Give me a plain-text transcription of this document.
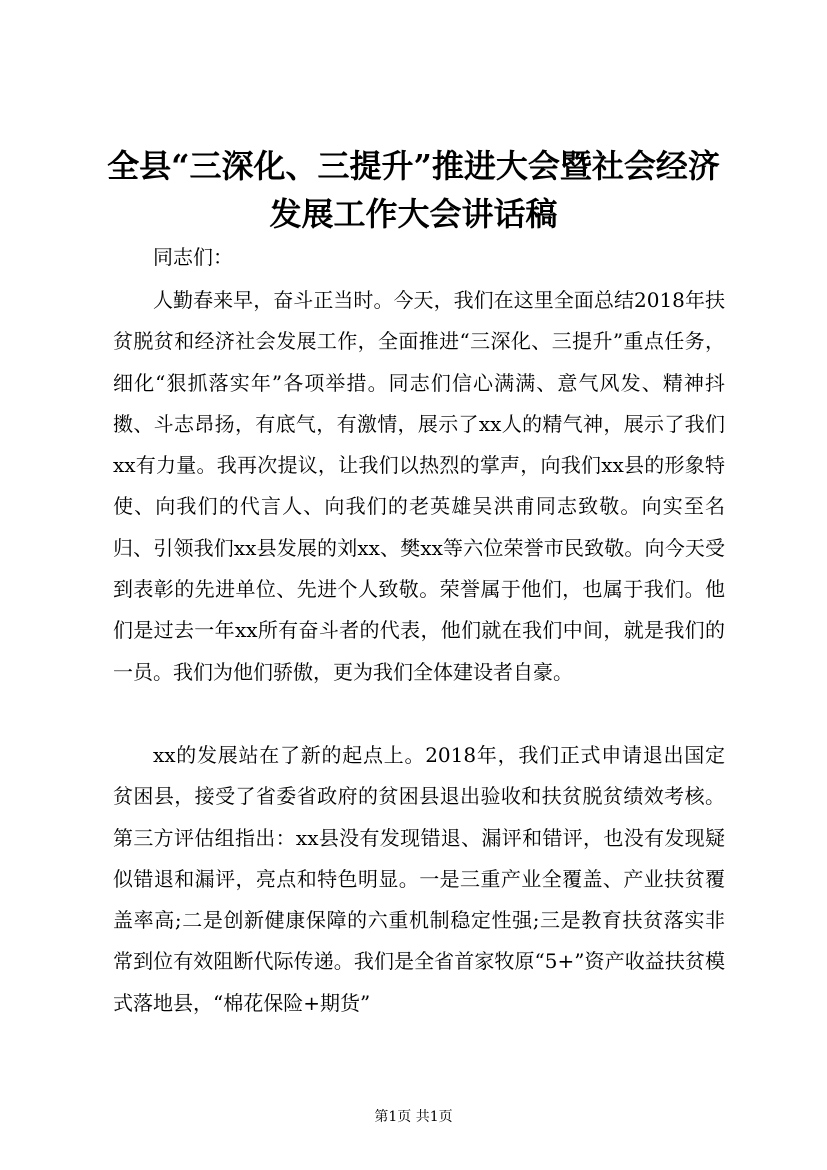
全县“三深化、三提升”推进大会暨社会经济
发展工作大会讲话稿
同志们：

人勤春来早，奋斗正当时。今天，我们在这里全面总结2018年扶贫脱贫和经济社会发展工作，全面推进“三深化、三提升”重点任务，细化“狠抓落实年”各项举措。同志们信心满满、意气风发、精神抖擞、斗志昂扬，有底气，有激情，展示了xx人的精气神，展示了我们xx有力量。我再次提议，让我们以热烈的掌声，向我们xx县的形象特使、向我们的代言人、向我们的老英雄吴洪甫同志致敬。向实至名归、引领我们xx县发展的刘xx、樊xx等六位荣誉市民致敬。向今天受到表彰的先进单位、先进个人致敬。荣誉属于他们，也属于我们。他们是过去一年xx所有奋斗者的代表，他们就在我们中间，就是我们的一员。我们为他们骄傲，更为我们全体建设者自豪。

xx的发展站在了新的起点上。2018年，我们正式申请退出国定贫困县，接受了省委省政府的贫困县退出验收和扶贫脱贫绩效考核。第三方评估组指出：xx县没有发现错退、漏评和错评，也没有发现疑似错退和漏评，亮点和特色明显。一是三重产业全覆盖、产业扶贫覆盖率高;二是创新健康保障的六重机制稳定性强;三是教育扶贫落实非常到位有效阻断代际传递。我们是全省首家牧原“5+”资产收益扶贫模式落地县，“棉花保险+期货”

第1页 共1页
